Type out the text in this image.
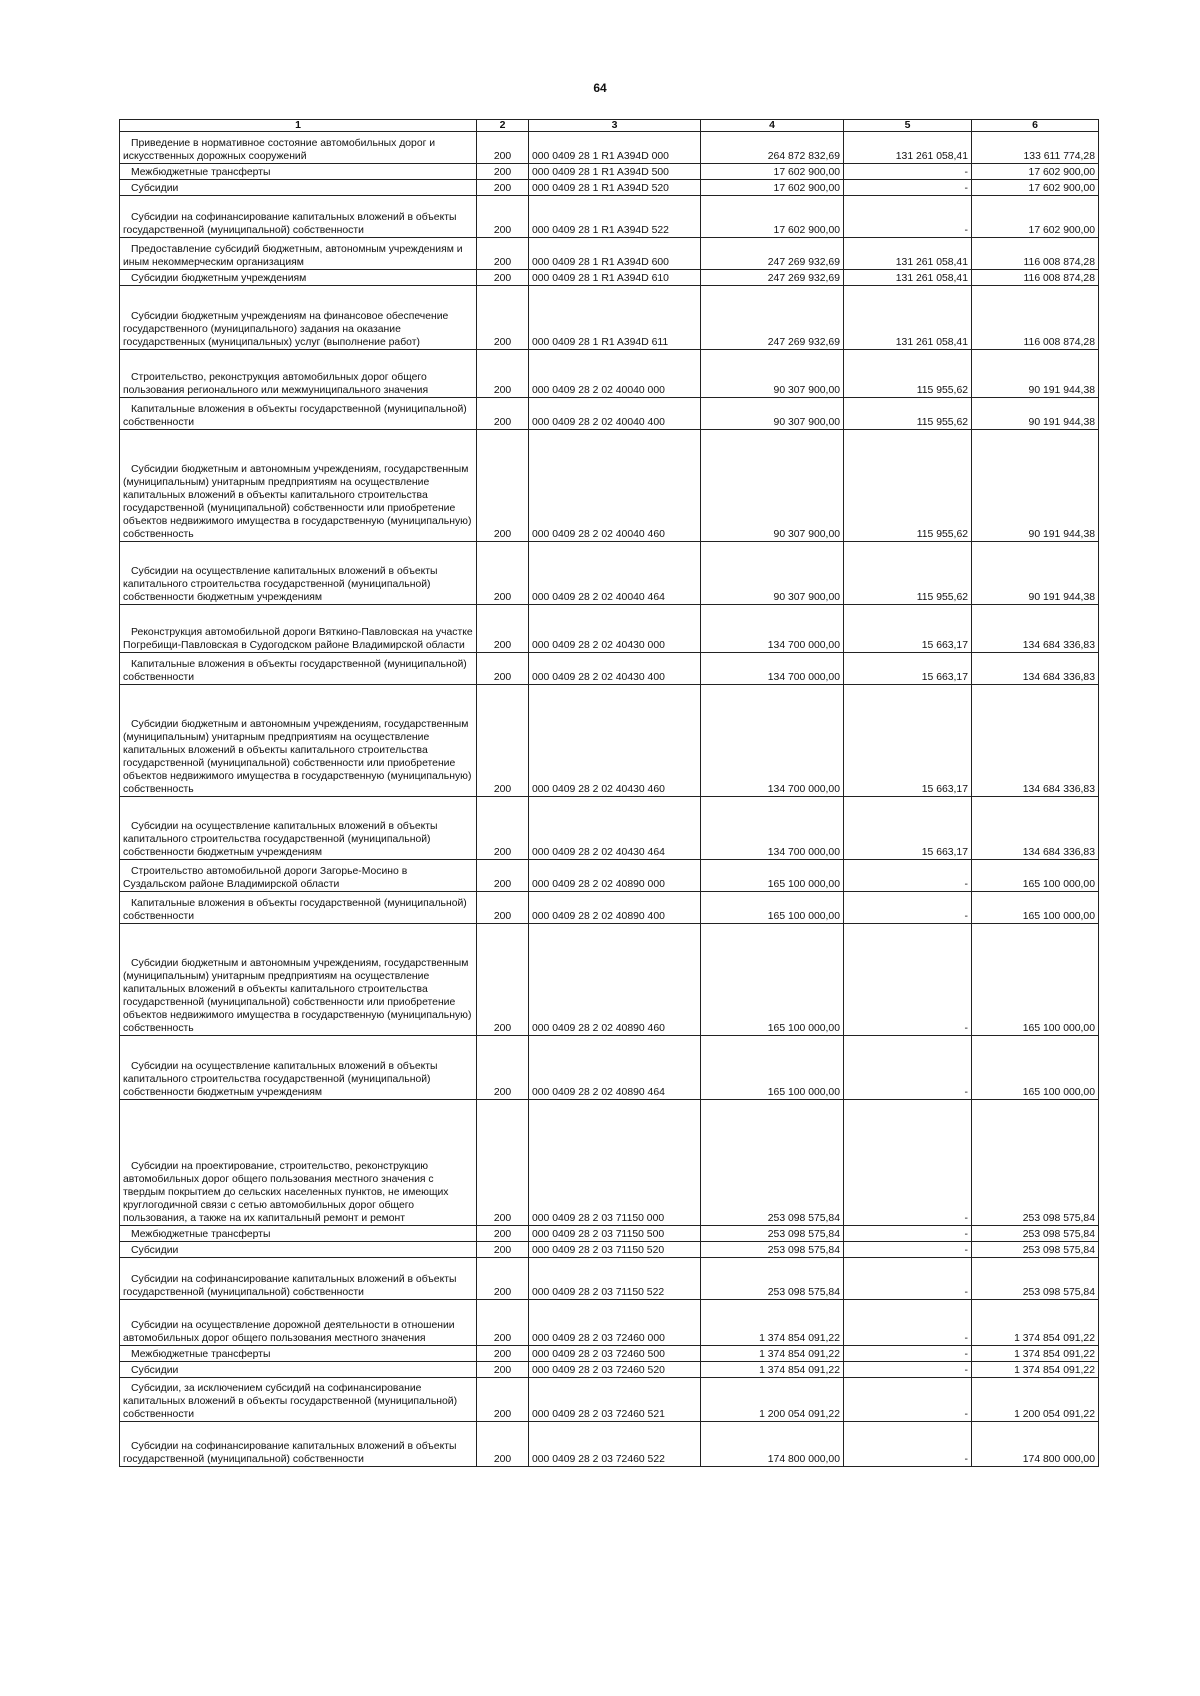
64
1	2	3	4	5	6

Приведение в нормативное состояние автомобильных дорог и искусственных дорожных сооружений	200	000 0409 28 1 R1 A394D 000	264 872 832,69	131 261 058,41	133 611 774,28

Межбюджетные трансферты	200	000 0409 28 1 R1 A394D 500	17 602 900,00	-	17 602 900,00

Субсидии	200	000 0409 28 1 R1 A394D 520	17 602 900,00	-	17 602 900,00

Субсидии на софинансирование капитальных вложений в объекты государственной (муниципальной) собственности	200	000 0409 28 1 R1 A394D 522	17 602 900,00	-	17 602 900,00

Предоставление субсидий бюджетным, автономным учреждениям и иным некоммерческим организациям	200	000 0409 28 1 R1 A394D 600	247 269 932,69	131 261 058,41	116 008 874,28

Субсидии бюджетным учреждениям	200	000 0409 28 1 R1 A394D 610	247 269 932,69	131 261 058,41	116 008 874,28

Субсидии бюджетным учреждениям на финансовое обеспечение государственного (муниципального) задания на оказание государственных (муниципальных) услуг (выполнение работ)	200	000 0409 28 1 R1 A394D 611	247 269 932,69	131 261 058,41	116 008 874,28

Строительство, реконструкция автомобильных дорог общего пользования регионального или межмуниципального значения	200	000 0409 28 2 02 40040 000	90 307 900,00	115 955,62	90 191 944,38

Капитальные вложения в объекты государственной (муниципальной) собственности	200	000 0409 28 2 02 40040 400	90 307 900,00	115 955,62	90 191 944,38

Субсидии бюджетным и автономным учреждениям, государственным (муниципальным) унитарным предприятиям на осуществление капитальных вложений в объекты капитального строительства государственной (муниципальной) собственности или приобретение объектов недвижимого имущества в государственную (муниципальную) собственность	200	000 0409 28 2 02 40040 460	90 307 900,00	115 955,62	90 191 944,38

Субсидии на осуществление капитальных вложений в объекты капитального строительства государственной (муниципальной) собственности бюджетным учреждениям	200	000 0409 28 2 02 40040 464	90 307 900,00	115 955,62	90 191 944,38

Реконструкция автомобильной дороги Вяткино-Павловская на участке Погребищи-Павловская в Судогодском районе Владимирской области	200	000 0409 28 2 02 40430 000	134 700 000,00	15 663,17	134 684 336,83

Капитальные вложения в объекты государственной (муниципальной) собственности	200	000 0409 28 2 02 40430 400	134 700 000,00	15 663,17	134 684 336,83

Субсидии бюджетным и автономным учреждениям, государственным (муниципальным) унитарным предприятиям на осуществление капитальных вложений в объекты капитального строительства государственной (муниципальной) собственности или приобретение объектов недвижимого имущества в государственную (муниципальную) собственность	200	000 0409 28 2 02 40430 460	134 700 000,00	15 663,17	134 684 336,83

Субсидии на осуществление капитальных вложений в объекты капитального строительства государственной (муниципальной) собственности бюджетным учреждениям	200	000 0409 28 2 02 40430 464	134 700 000,00	15 663,17	134 684 336,83

Строительство автомобильной дороги Загорье-Мосино в Суздальском районе Владимирской области	200	000 0409 28 2 02 40890 000	165 100 000,00	-	165 100 000,00

Капитальные вложения в объекты государственной (муниципальной) собственности	200	000 0409 28 2 02 40890 400	165 100 000,00	-	165 100 000,00

Субсидии бюджетным и автономным учреждениям, государственным (муниципальным) унитарным предприятиям на осуществление капитальных вложений в объекты капитального строительства государственной (муниципальной) собственности или приобретение объектов недвижимого имущества в государственную (муниципальную) собственность	200	000 0409 28 2 02 40890 460	165 100 000,00	-	165 100 000,00

Субсидии на осуществление капитальных вложений в объекты капитального строительства государственной (муниципальной) собственности бюджетным учреждениям	200	000 0409 28 2 02 40890 464	165 100 000,00	-	165 100 000,00

Субсидии на проектирование, строительство, реконструкцию автомобильных дорог общего пользования местного значения с твердым покрытием до сельских населенных пунктов, не имеющих круглогодичной связи с сетью автомобильных дорог общего пользования, а также на их капитальный ремонт и ремонт	200	000 0409 28 2 03 71150 000	253 098 575,84	-	253 098 575,84

Межбюджетные трансферты	200	000 0409 28 2 03 71150 500	253 098 575,84	-	253 098 575,84

Субсидии	200	000 0409 28 2 03 71150 520	253 098 575,84	-	253 098 575,84

Субсидии на софинансирование капитальных вложений в объекты государственной (муниципальной) собственности	200	000 0409 28 2 03 71150 522	253 098 575,84	-	253 098 575,84

Субсидии на осуществление дорожной деятельности в отношении автомобильных дорог общего пользования местного значения	200	000 0409 28 2 03 72460 000	1 374 854 091,22	-	1 374 854 091,22

Межбюджетные трансферты	200	000 0409 28 2 03 72460 500	1 374 854 091,22	-	1 374 854 091,22

Субсидии	200	000 0409 28 2 03 72460 520	1 374 854 091,22	-	1 374 854 091,22

Субсидии, за исключением субсидий на софинансирование капитальных вложений в объекты государственной (муниципальной) собственности	200	000 0409 28 2 03 72460 521	1 200 054 091,22	-	1 200 054 091,22

Субсидии на софинансирование капитальных вложений в объекты государственной (муниципальной) собственности	200	000 0409 28 2 03 72460 522	174 800 000,00	-	174 800 000,00
